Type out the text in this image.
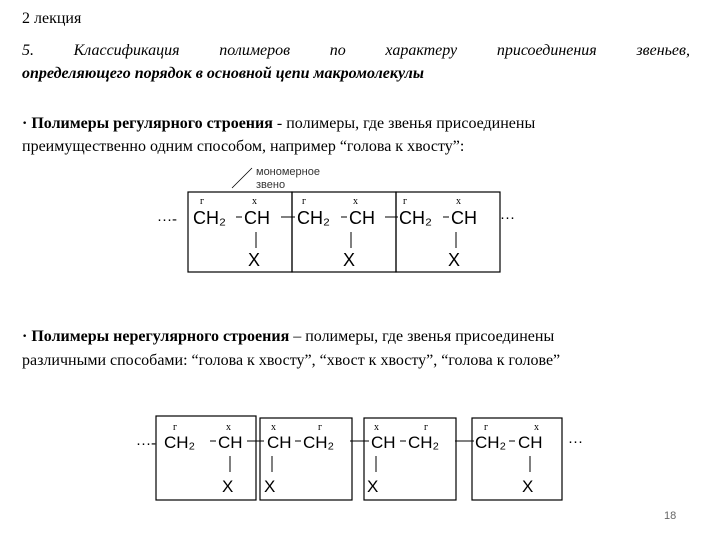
2 лекция
5. Классификация полимеров по характеру присоединения звеньев,
определяющего порядок в основной цепи макромолекулы
· Полимеры регулярного строения - полимеры, где звенья присоединены
преимущественно одним способом, например “голова к хвосту”:
мономерное
звено
···-	···
г	x
CH₂ CH
X
г	x
CH₂ CH
X
г	x
CH₂ CH
X
· Полимеры нерегулярного строения – полимеры, где звенья присоединены
различными способами: “голова к хвосту”, “хвост к хвосту”, “голова к голове”
···-	···
г	х
CH₂ CH
X
х	г
CH CH₂
X
х	г
CH CH₂
X
г	х
CH₂ CH
X
18
